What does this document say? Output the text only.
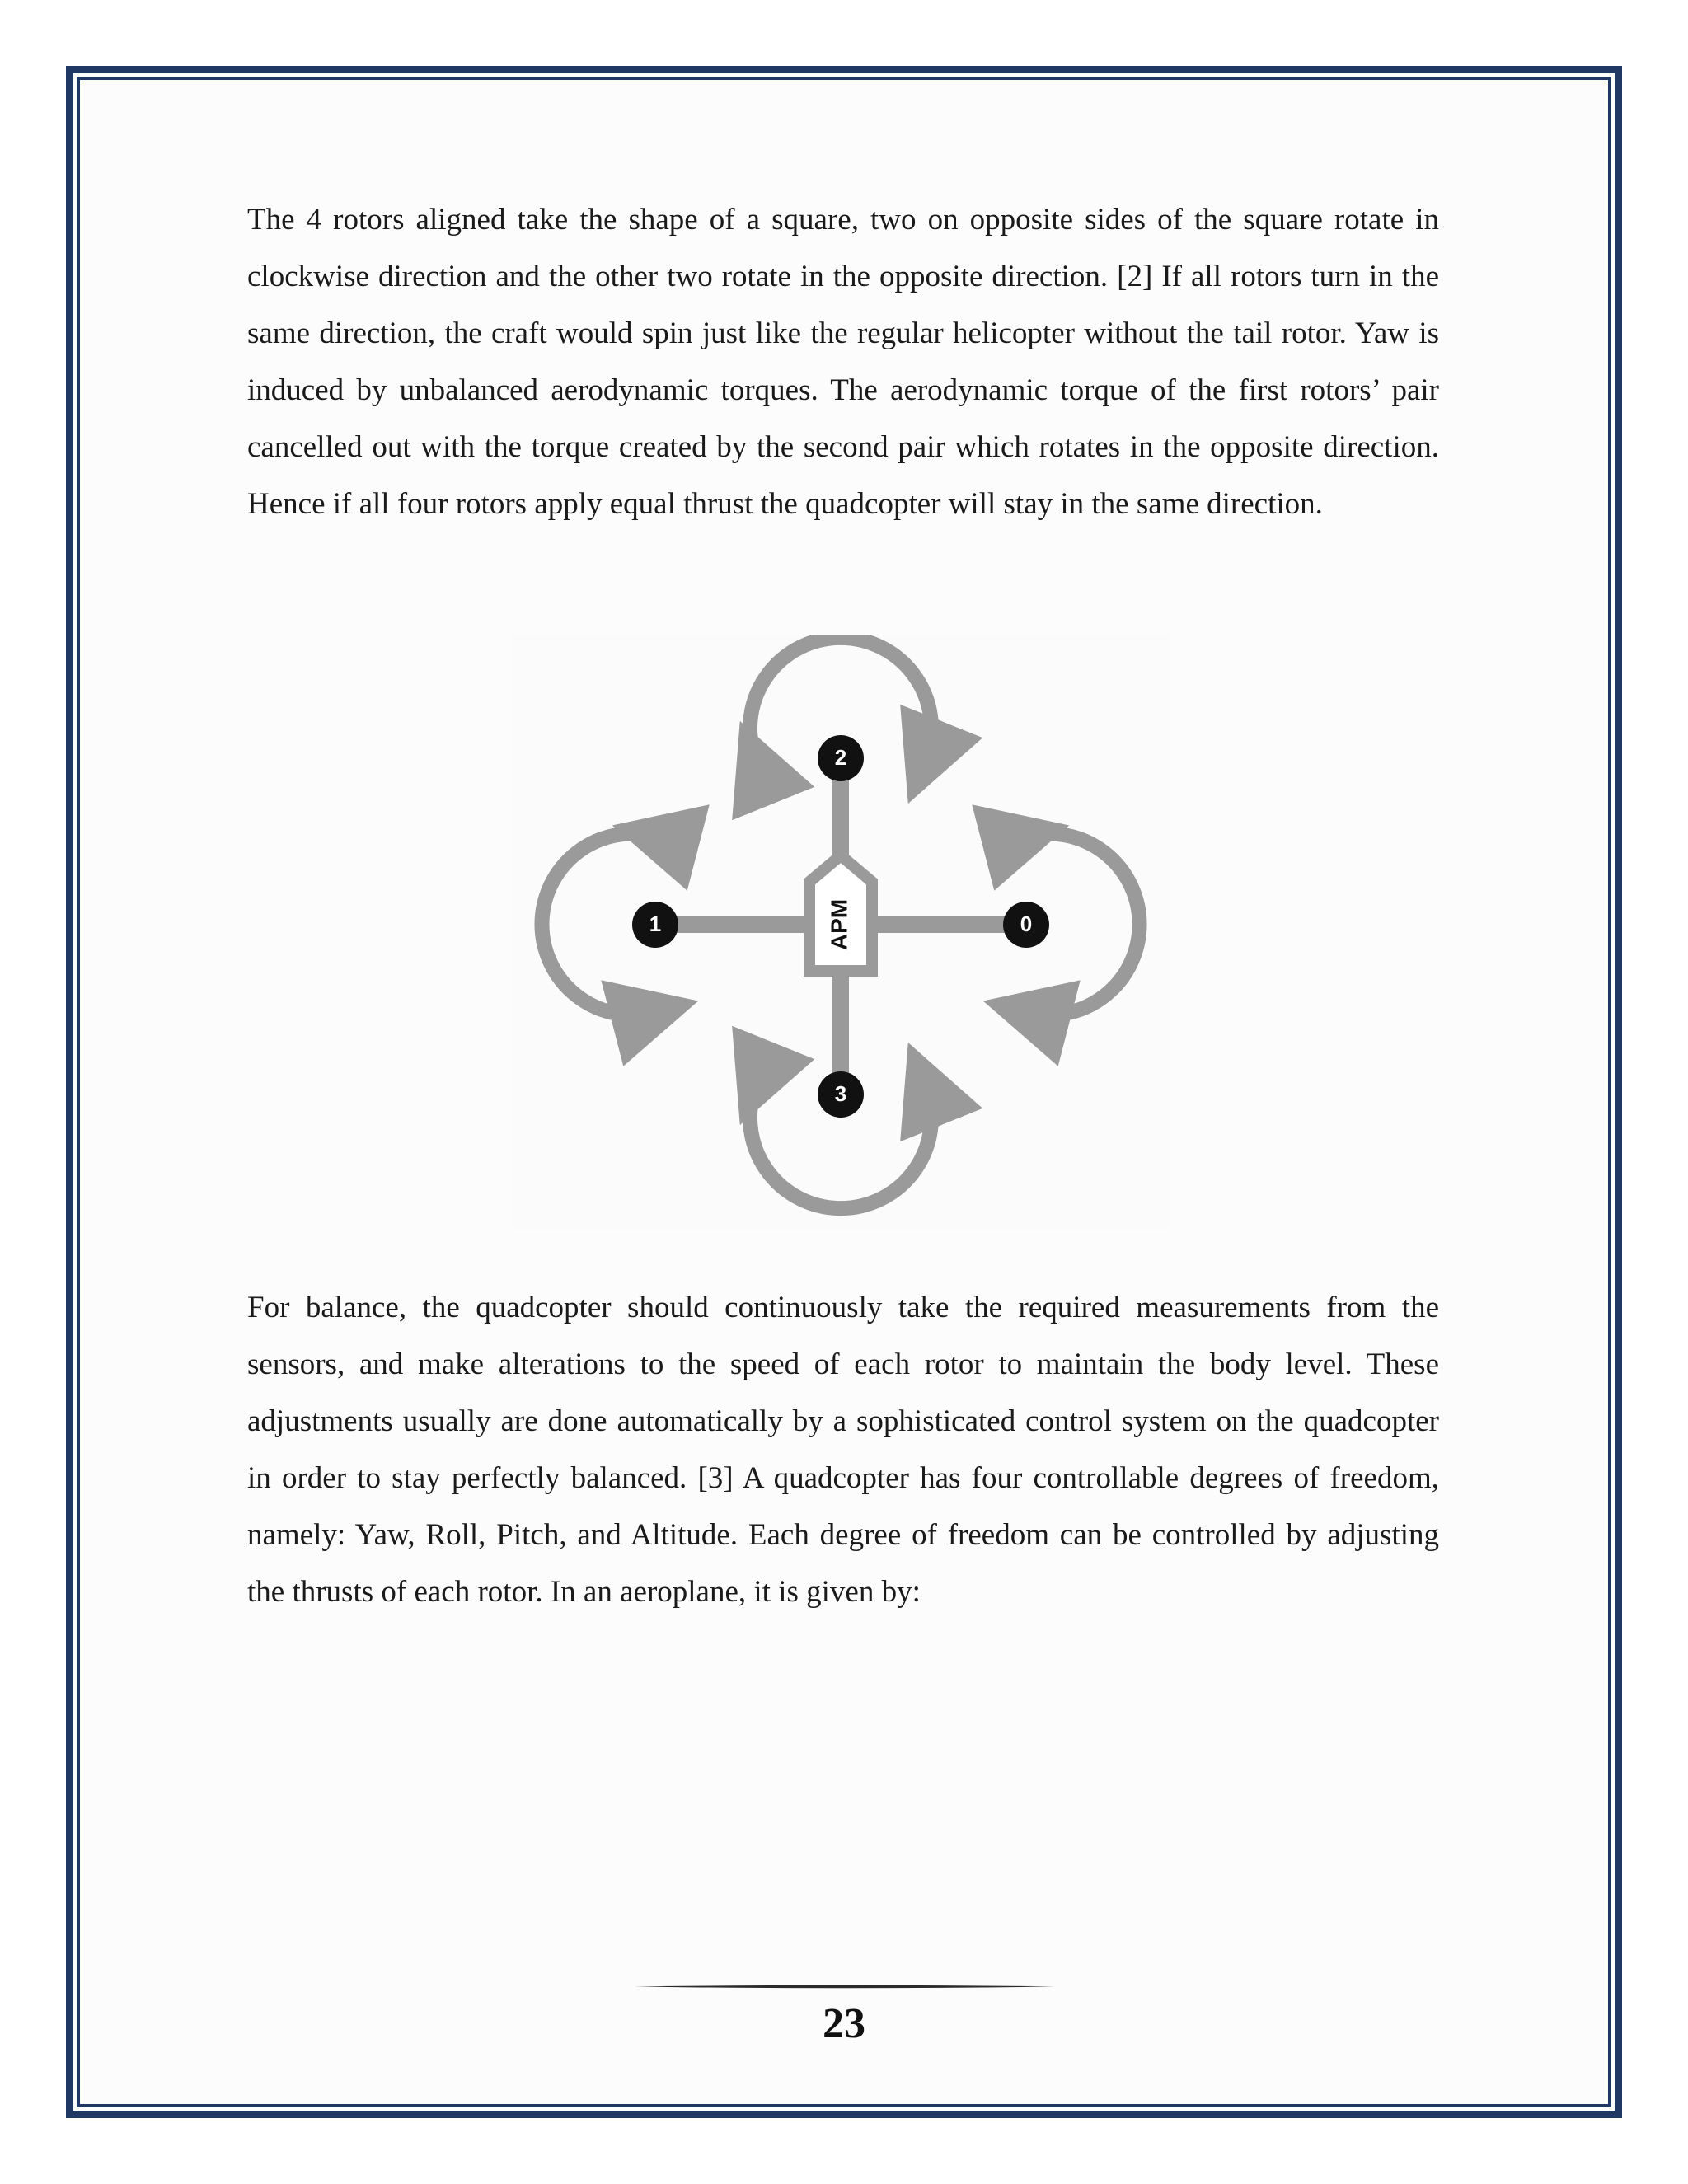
The 4 rotors aligned take the shape of a square, two on opposite sides of the square rotate in clockwise direction and the other two rotate in the opposite direction. [2] If all rotors turn in the same direction, the craft would spin just like the regular helicopter without the tail rotor. Yaw is induced by unbalanced aerodynamic torques. The aerodynamic torque of the first rotors’ pair cancelled out with the torque created by the second pair which rotates in the opposite direction. Hence if all four rotors apply equal thrust the quadcopter will stay in the same direction.

APM
2
1	0
3

For balance, the quadcopter should continuously take the required measurements from the sensors, and make alterations to the speed of each rotor to maintain the body level. These adjustments usually are done automatically by a sophisticated control system on the quadcopter in order to stay perfectly balanced. [3] A quadcopter has four controllable degrees of freedom, namely: Yaw, Roll, Pitch, and Altitude. Each degree of freedom can be controlled by adjusting the thrusts of each rotor. In an aeroplane, it is given by:

23
